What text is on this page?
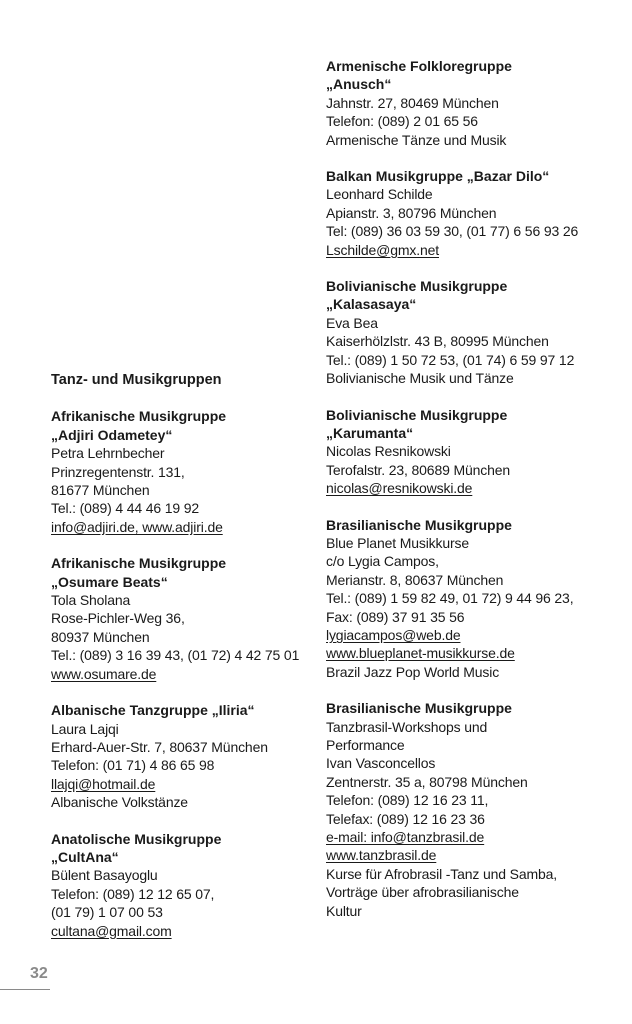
Tanz- und Musikgruppen
Afrikanische Musikgruppe
„Adjiri Odametey“
Petra Lehrnbecher
Prinzregentenstr. 131,
81677 München
Tel.: (089) 4 44 46 19 92
info@adjiri.de, www.adjiri.de
Afrikanische Musikgruppe
„Osumare Beats“
Tola Sholana
Rose-Pichler-Weg 36,
80937 München
Tel.: (089) 3 16 39 43, (01 72) 4 42 75 01
www.osumare.de
Albanische Tanzgruppe „Iliria“
Laura Lajqi
Erhard-Auer-Str. 7, 80637 München
Telefon: (01 71) 4 86 65 98
llajqi@hotmail.de
Albanische Volkstänze
Anatolische Musikgruppe
„CultAna“
Bülent Basayoglu
Telefon: (089) 12 12 65 07,
(01 79) 1 07 00 53
cultana@gmail.com
Armenische Folkloregruppe
„Anusch“
Jahnstr. 27, 80469 München
Telefon: (089) 2 01 65 56
Armenische Tänze und Musik
Balkan Musikgruppe „Bazar Dilo“
Leonhard Schilde
Apianstr. 3, 80796 München
Tel: (089) 36 03 59 30, (01 77) 6 56 93 26
Lschilde@gmx.net
Bolivianische Musikgruppe
„Kalasasaya“
Eva Bea
Kaiserhölzlstr. 43 B, 80995 München
Tel.: (089) 1 50 72 53, (01 74) 6 59 97 12
Bolivianische Musik und Tänze
Bolivianische Musikgruppe
„Karumanta“
Nicolas Resnikowski
Terofalstr. 23, 80689 München
nicolas@resnikowski.de
Brasilianische Musikgruppe
Blue Planet Musikkurse
c/o Lygia Campos,
Merianstr. 8, 80637 München
Tel.: (089) 1 59 82 49, 01 72) 9 44 96 23,
Fax: (089) 37 91 35 56
lygiacampos@web.de
www.blueplanet-musikkurse.de
Brazil Jazz Pop World Music
Brasilianische Musikgruppe
Tanzbrasil-Workshops und
Performance
Ivan Vasconcellos
Zentnerstr. 35 a, 80798 München
Telefon: (089) 12 16 23 11,
Telefax: (089) 12 16 23 36
e-mail: info@tanzbrasil.de
www.tanzbrasil.de
Kurse für Afrobrasil -Tanz und Samba,
Vorträge über afrobrasilianische
Kultur
32
